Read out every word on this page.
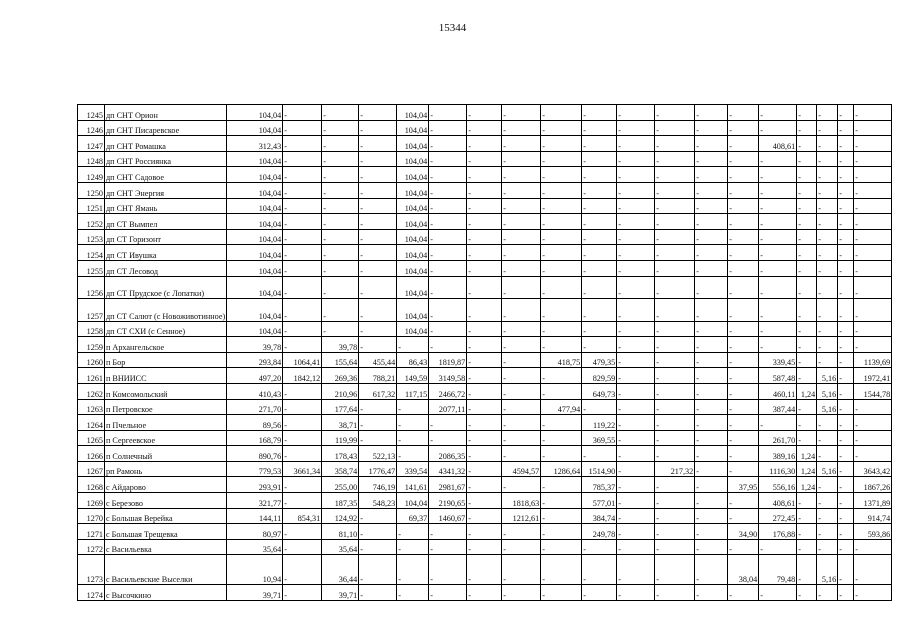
15344
1245	дп СНТ Орион	104,04	-	-	-	104,04	-	-	-	-	-	-	-	-	-	-	-	-	-	-
1246	дп СНТ Писаревское	104,04	-	-	-	104,04	-	-	-	-	-	-	-	-	-	-	-	-	-	-
1247	дп СНТ Ромашка	312,43	-	-	-	104,04	-	-	-	-	-	-	-	-	-	408,61	-	-	-	-
1248	дп СНТ Россиянка	104,04	-	-	-	104,04	-	-	-	-	-	-	-	-	-	-	-	-	-	-
1249	дп СНТ Садовое	104,04	-	-	-	104,04	-	-	-	-	-	-	-	-	-	-	-	-	-	-
1250	дп СНТ Энергия	104,04	-	-	-	104,04	-	-	-	-	-	-	-	-	-	-	-	-	-	-
1251	дп СНТ Ямань	104,04	-	-	-	104,04	-	-	-	-	-	-	-	-	-	-	-	-	-	-
1252	дп СТ Вымпел	104,04	-	-	-	104,04	-	-	-	-	-	-	-	-	-	-	-	-	-	-
1253	дп СТ Горизонт	104,04	-	-	-	104,04	-	-	-	-	-	-	-	-	-	-	-	-	-	-
1254	дп СТ Ивушка	104,04	-	-	-	104,04	-	-	-	-	-	-	-	-	-	-	-	-	-	-
1255	дп СТ Лесовод	104,04	-	-	-	104,04	-	-	-	-	-	-	-	-	-	-	-	-	-	-
1256	дп СТ Прудское (с Лопатки)	104,04	-	-	-	104,04	-	-	-	-	-	-	-	-	-	-	-	-	-	-
1257	дп СТ Салют (с Новоживотинное)	104,04	-	-	-	104,04	-	-	-	-	-	-	-	-	-	-	-	-	-	-
1258	дп СТ СХИ (с Сенное)	104,04	-	-	-	104,04	-	-	-	-	-	-	-	-	-	-	-	-	-	-
1259	п Архангельское	39,78	-	39,78	-	-	-	-	-	-	-	-	-	-	-	-	-	-	-	-
1260	п Бор	293,84	1064,41	155,64	455,44	86,43	1819,87	-	-	418,75	479,35	-	-	-	-	339,45	-	-	-	1139,69
1261	п ВНИИСС	497,20	1842,12	269,36	788,21	149,59	3149,58	-	-	-	829,59	-	-	-	-	587,48	-	5,16	-	1972,41
1262	п Комсомольский	410,43	-	210,96	617,32	117,15	2466,72	-	-	-	649,73	-	-	-	-	460,11	1,24	5,16	-	1544,78
1263	п Петровское	271,70	-	177,64	-	-	2077,11	-	-	477,94	-	-	-	-	-	387,44	-	5,16	-	-
1264	п Пчельное	89,56	-	38,71	-	-	-	-	-	-	119,22	-	-	-	-	-	-	-	-	-
1265	п Сергеевское	168,79	-	119,99	-	-	-	-	-	-	369,55	-	-	-	-	261,70	-	-	-	-
1266	п Солнечный	890,76	-	178,43	522,13	-	2086,35	-	-	-	-	-	-	-	-	389,16	1,24	-	-	-
1267	рп Рамонь	779,53	3661,34	358,74	1776,47	339,54	4341,32	-	4594,57	1286,64	1514,90	-	217,32	-	-	1116,30	1,24	5,16	-	3643,42
1268	с Айдарово	293,91	-	255,00	746,19	141,61	2981,67	-	-	-	785,37	-	-	-	37,95	556,16	1,24	-	-	1867,26
1269	с Березово	321,77	-	187,35	548,23	104,04	2190,65	-	1818,63	-	577,01	-	-	-	-	408,61	-	-	-	1371,89
1270	с Большая Верейка	144,11	854,31	124,92	-	69,37	1460,67	-	1212,61	-	384,74	-	-	-	-	272,45	-	-	-	914,74
1271	с Большая Трещевка	80,97	-	81,10	-	-	-	-	-	-	249,78	-	-	-	34,90	176,88	-	-	-	593,86
1272	с Васильевка	35,64	-	35,64	-	-	-	-	-	-	-	-	-	-	-	-	-	-	-	-
1273	с Васильевские Выселки	10,94	-	36,44	-	-	-	-	-	-	-	-	-	-	38,04	79,48	-	5,16	-	-
1274	с Высочкино	39,71	-	39,71	-	-	-	-	-	-	-	-	-	-	-	-	-	-	-	-
